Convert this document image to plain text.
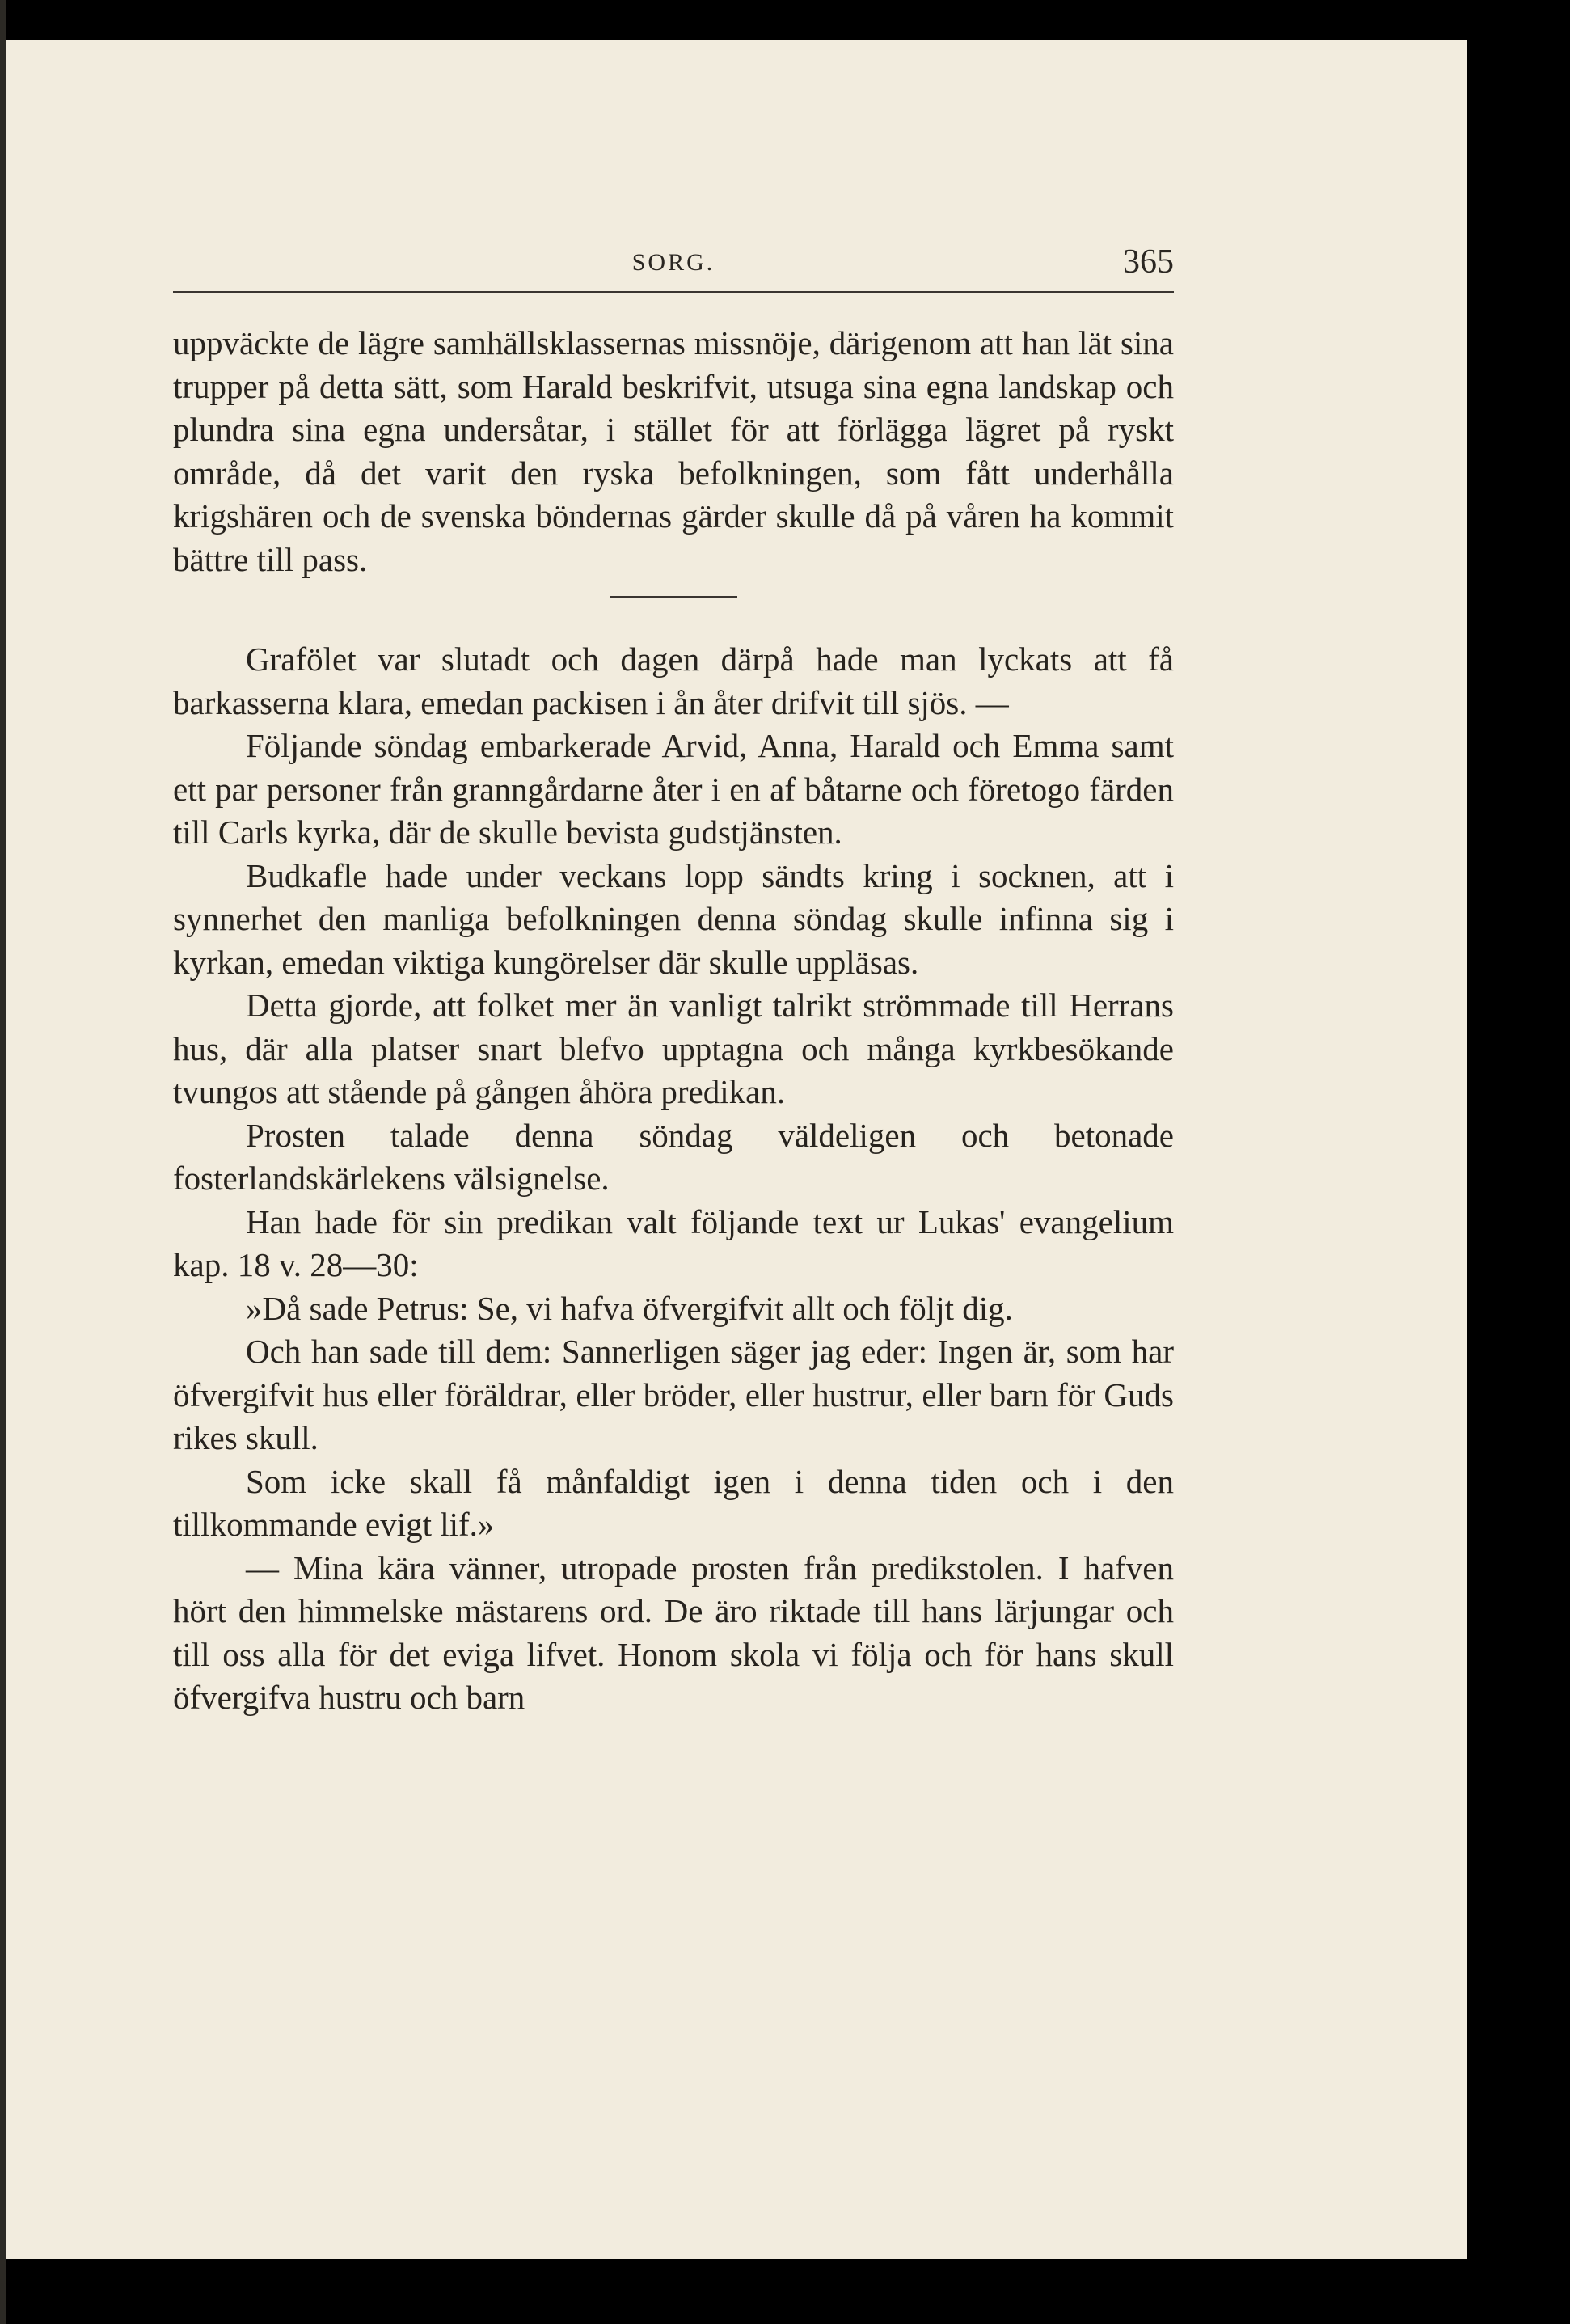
SORG.	365

uppväckte de lägre samhällsklassernas missnöje, därigenom att han lät sina trupper på detta sätt, som Harald beskrifvit, utsuga sina egna landskap och plundra sina egna undersåtar, i stället för att förlägga lägret på ryskt område, då det varit den ryska befolkningen, som fått underhålla krigshären och de svenska böndernas gärder skulle då på våren ha kommit bättre till pass.

Grafölet var slutadt och dagen därpå hade man lyckats att få barkasserna klara, emedan packisen i ån åter drifvit till sjös. —

Följande söndag embarkerade Arvid, Anna, Harald och Emma samt ett par personer från granngårdarne åter i en af båtarne och företogo färden till Carls kyrka, där de skulle bevista gudstjänsten.

Budkafle hade under veckans lopp sändts kring i socknen, att i synnerhet den manliga befolkningen denna söndag skulle infinna sig i kyrkan, emedan viktiga kungörelser där skulle uppläsas.

Detta gjorde, att folket mer än vanligt talrikt strömmade till Herrans hus, där alla platser snart blefvo upptagna och många kyrkbesökande tvungos att stående på gången åhöra predikan.

Prosten talade denna söndag väldeligen och betonade fosterlandskärlekens välsignelse.

Han hade för sin predikan valt följande text ur Lukas' evangelium kap. 18 v. 28—30:

»Då sade Petrus: Se, vi hafva öfvergifvit allt och följt dig.

Och han sade till dem: Sannerligen säger jag eder: Ingen är, som har öfvergifvit hus eller föräldrar, eller bröder, eller hustrur, eller barn för Guds rikes skull.

Som icke skall få månfaldigt igen i denna tiden och i den tillkommande evigt lif.»

— Mina kära vänner, utropade prosten från predikstolen. I hafven hört den himmelske mästarens ord. De äro riktade till hans lärjungar och till oss alla för det eviga lifvet. Honom skola vi följa och för hans skull öfvergifva hustru och barn
